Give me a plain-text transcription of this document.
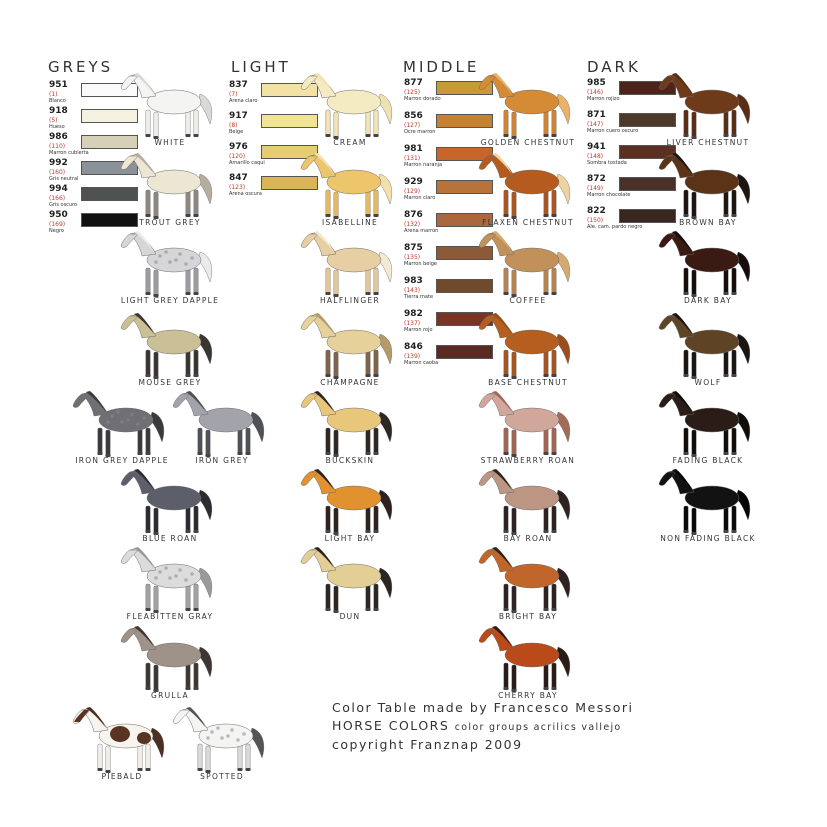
GREYS	LIGHT	MIDDLE	DARK
951
(1)
Blanco
918
(5)
Hueso
986
(110)
Marron cubierta
992
(160)
Gris neutral
994
(166)
Gris oscuro
950
(169)
Negro
837
(7)
Arena claro
917
(8)
Beige
976
(120)
Amarillo caqui
847
(123)
Arena oscura
877
(125)
Marron dorado
856
(127)
Ocre marron
981
(131)
Marron naranja
929
(129)
Marron claro
876
(132)
Arena marron
875
(135)
Marron beige
983
(143)
Tierra mate
982
(137)
Marron rojo
846
(139)
Marron caoba
985
(146)
Marron rojizo
871
(147)
Marron cuero oscuro
941
(148)
Sombra tostada
872
(149)
Marron chocolate
822
(150)
Ale. cam. pardo negro
WHITE
TROUT GREY
LIGHT GREY DAPPLE
MOUSE GREY
IRON GREY DAPPLE	IRON GREY
BLUE ROAN
FLEABITTEN GRAY
GRULLA
PIEBALD	SPOTTED
CREAM
ISABELLINE
HALFLINGER
CHAMPAGNE
BUCKSKIN
LIGHT BAY
DUN
GOLDEN CHESTNUT
FLAXEN CHESTNUT
COFFEE
BASE CHESTNUT
STRAWBERRY ROAN
BAY ROAN
BRIGHT BAY
CHERRY BAY
LIVER CHESTNUT
BROWN BAY
DARK BAY
WOLF
FADING BLACK
NON FADING BLACK
Color Table made by Francesco Messori
HORSE COLORS color groups acrilics vallejo
copyright Franznap 2009
